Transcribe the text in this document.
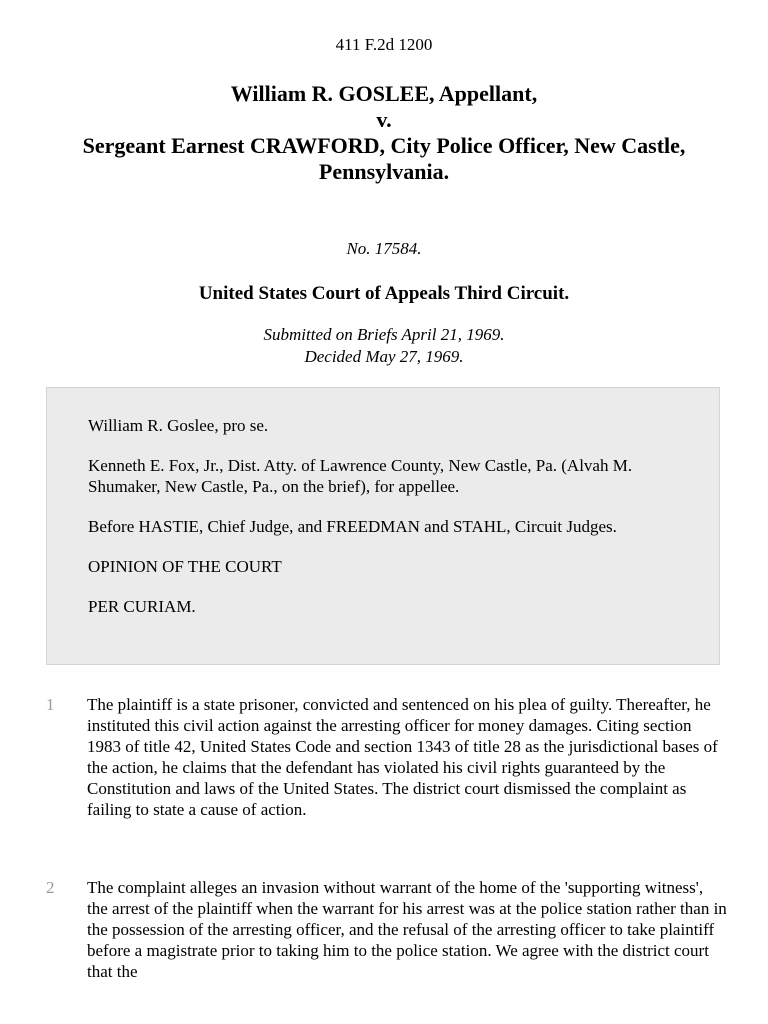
411 F.2d 1200
William R. GOSLEE, Appellant,
v.
Sergeant Earnest CRAWFORD, City Police Officer, New Castle,
Pennsylvania.
No. 17584.
United States Court of Appeals Third Circuit.
Submitted on Briefs April 21, 1969.
Decided May 27, 1969.

William R. Goslee, pro se.

Kenneth E. Fox, Jr., Dist. Atty. of Lawrence County, New Castle, Pa. (Alvah M. Shumaker, New Castle, Pa., on the brief), for appellee.

Before HASTIE, Chief Judge, and FREEDMAN and STAHL, Circuit Judges.

OPINION OF THE COURT

PER CURIAM.

1 The plaintiff is a state prisoner, convicted and sentenced on his plea of guilty. Thereafter, he instituted this civil action against the arresting officer for money damages. Citing section 1983 of title 42, United States Code and section 1343 of title 28 as the jurisdictional bases of the action, he claims that the defendant has violated his civil rights guaranteed by the Constitution and laws of the United States. The district court dismissed the complaint as failing to state a cause of action.
2 The complaint alleges an invasion without warrant of the home of the 'supporting witness', the arrest of the plaintiff when the warrant for his arrest was at the police station rather than in the possession of the arresting officer, and the refusal of the arresting officer to take plaintiff before a magistrate prior to taking him to the police station. We agree with the district court that the
